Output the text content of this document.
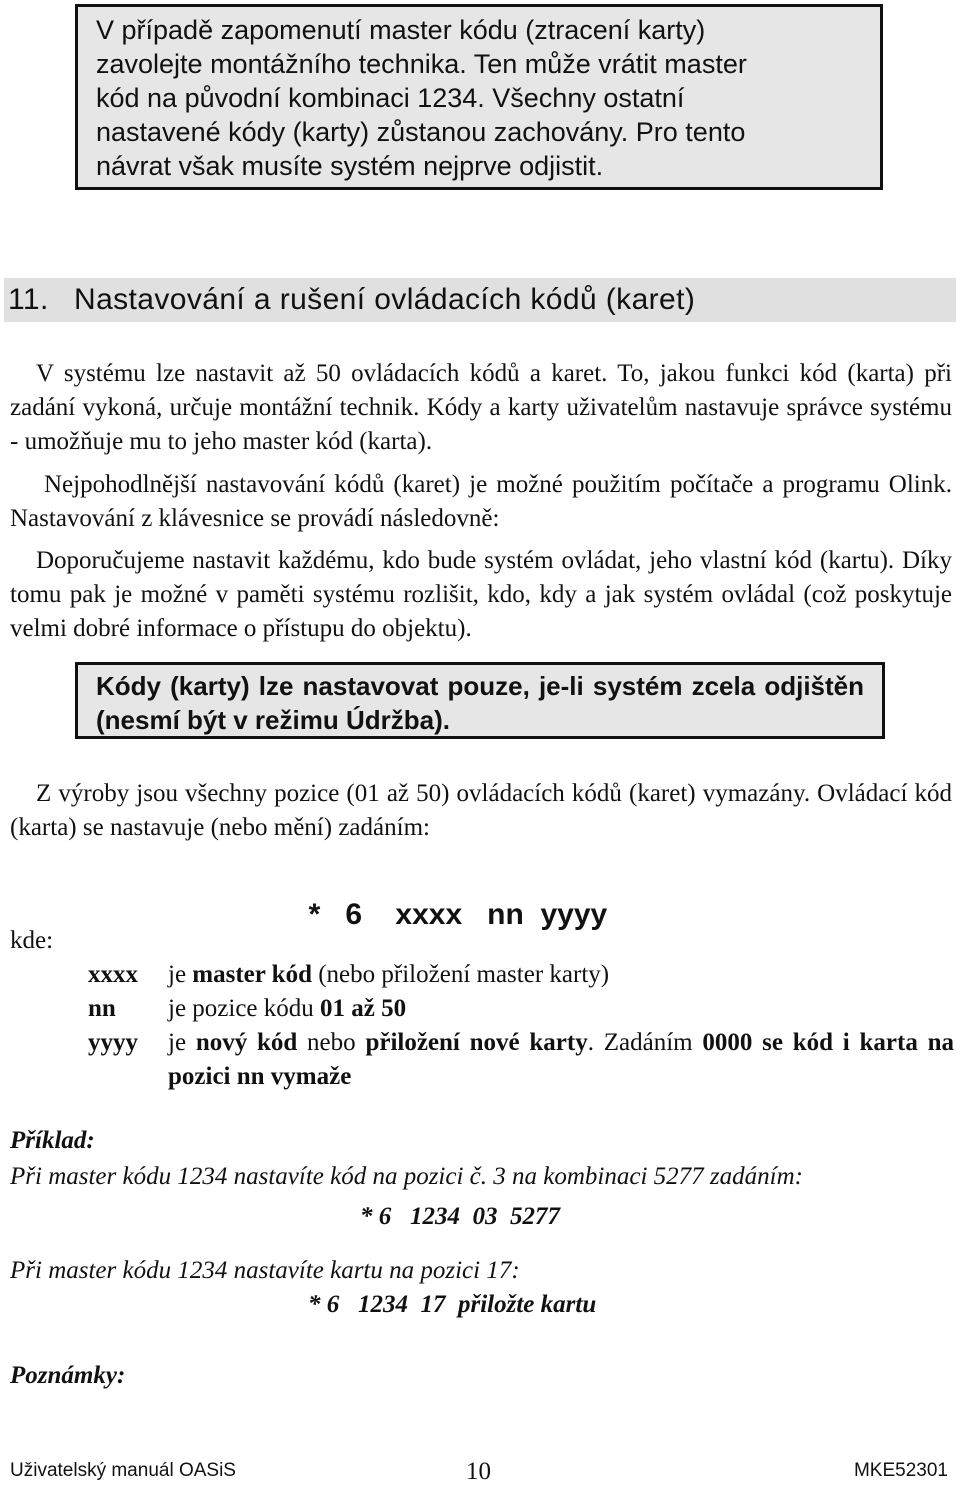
V případě zapomenutí master kódu (ztracení karty)

zavolejte montážního technika. Ten může vrátit master

kód na původní kombinaci 1234. Všechny ostatní

nastavené kódy (karty) zůstanou zachovány. Pro tento

návrat však musíte systém nejprve odjistit.

11. Nastavování a rušení ovládacích kódů (karet)

V systému lze nastavit až 50 ovládacích kódů a karet. To, jakou funkci kód (karta) při zadání vykoná, určuje montážní technik. Kódy a karty uživatelům nastavuje správce systému - umožňuje mu to jeho master kód (karta).

Nejpohodlnější nastavování kódů (karet) je možné použitím počítače a programu Olink. Nastavování z klávesnice se provádí následovně:

Doporučujeme nastavit každému, kdo bude systém ovládat, jeho vlastní kód (kartu). Díky tomu pak je možné v paměti systému rozlišit, kdo, kdy a jak systém ovládal (což poskytuje velmi dobré informace o přístupu do objektu).

Kódy (karty) lze nastavovat pouze, je-li systém zcela odjištěn (nesmí být v režimu Údržba).

Z výroby jsou všechny pozice (01 až 50) ovládacích kódů (karet) vymazány. Ovládací kód (karta) se nastavuje (nebo mění) zadáním:

* 6    xxxx   nn  yyyy

kde:

xxxx	je master kód (nebo přiložení master karty)
nn	je pozice kódu 01 až 50
yyyy	je nový kód nebo přiložení nové karty. Zadáním 0000 se kód i karta na pozici nn vymaže

Příklad:

Při master kódu 1234 nastavíte kód na pozici č. 3 na kombinaci 5277 zadáním:

* 6   1234  03  5277

Při master kódu 1234 nastavíte kartu na pozici 17:

* 6   1234  17  přiložte kartu

Poznámky:

Uživatelský manuál OASiS	10	MKE52301
